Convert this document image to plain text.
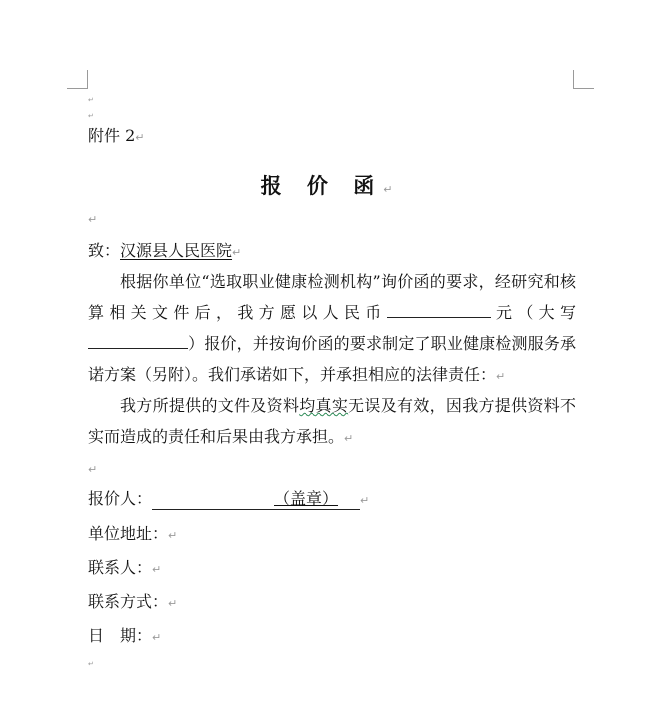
↵
↵
附件 2↵
报 价 函↵
↵
致：汉源县人民医院↵
根据你单位“选取职业健康检测机构”询价函的要求，经研究和核算相关文件后，我方愿以人民币	元（大写）报价，并按询价函的要求制定了职业健康检测服务承诺方案（另附）。我们承诺如下，并承担相应的法律责任：↵
我方所提供的文件及资料均真实无误及有效，因我方提供资料不实而造成的责任和后果由我方承担。↵
↵
报价人：	（盖章） ↵
单位地址：↵
联系人：↵
联系方式：↵
日　期：↵
↵
